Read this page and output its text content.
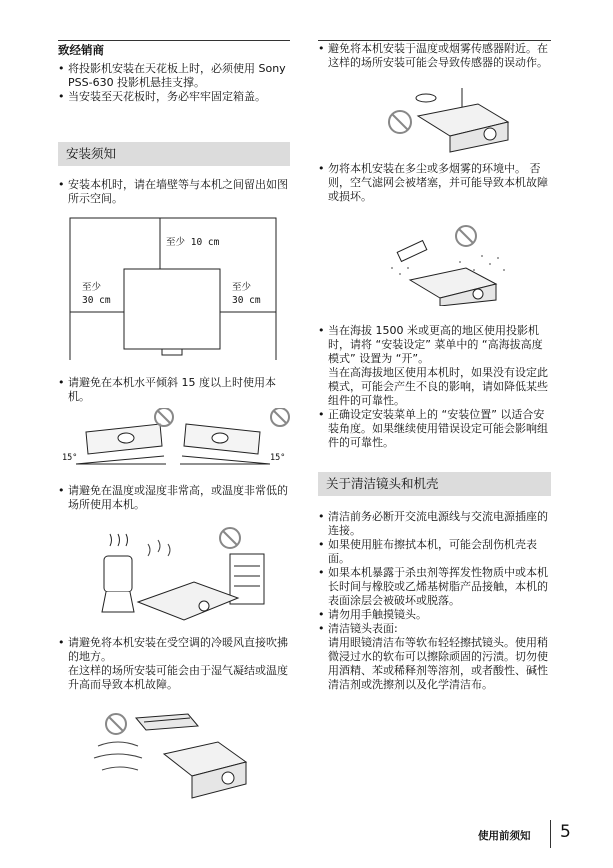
致经销商
• 将投影机安装在天花板上时，必须使用 Sony PSS-630 投影机悬挂支撑。
• 当安装至天花板时，务必牢牢固定箱盖。
安装须知
• 安装本机时，请在墙壁等与本机之间留出如图所示空间。
至少 10 cm
至少
30 cm
至少
30 cm
• 请避免在本机水平倾斜 15 度以上时使用本机。
15°	15°
• 请避免在温度或湿度非常高，或温度非常低的场所使用本机。
• 请避免将本机安装在受空调的冷暖风直接吹拂的地方。
在这样的场所安装可能会由于湿气凝结或温度升高而导致本机故障。
• 避免将本机安装于温度或烟雾传感器附近。在这样的场所安装可能会导致传感器的误动作。
• 勿将本机安装在多尘或多烟雾的环境中。 否则，空气滤网会被堵塞，并可能导致本机故障或损坏。
• 当在海拔 1500 米或更高的地区使用投影机时，请将 “安装设定” 菜单中的 “高海拔高度模式” 设置为 “开”。
当在高海拔地区使用本机时，如果没有设定此模式，可能会产生不良的影响，请如降低某些组件的可靠性。
• 正确设定安装菜单上的 “安装位置” 以适合安装角度。如果继续使用错误设定可能会影响组件的可靠性。
关于清洁镜头和机壳
• 清洁前务必断开交流电源线与交流电源插座的连接。
• 如果使用脏布擦拭本机，可能会刮伤机壳表面。
• 如果本机暴露于杀虫剂等挥发性物质中或本机长时间与橡胶或乙烯基树脂产品接触，本机的表面涂层会被破坏或脱落。
• 请勿用手触摸镜头。
• 清洁镜头表面:
请用眼镜清洁布等软布轻轻擦拭镜头。使用稍微浸过水的软布可以擦除顽固的污渍。切勿使用酒精、苯或稀释剂等溶剂，或者酸性、碱性清洁剂或洗擦剂以及化学清洁布。
使用前须知 5
